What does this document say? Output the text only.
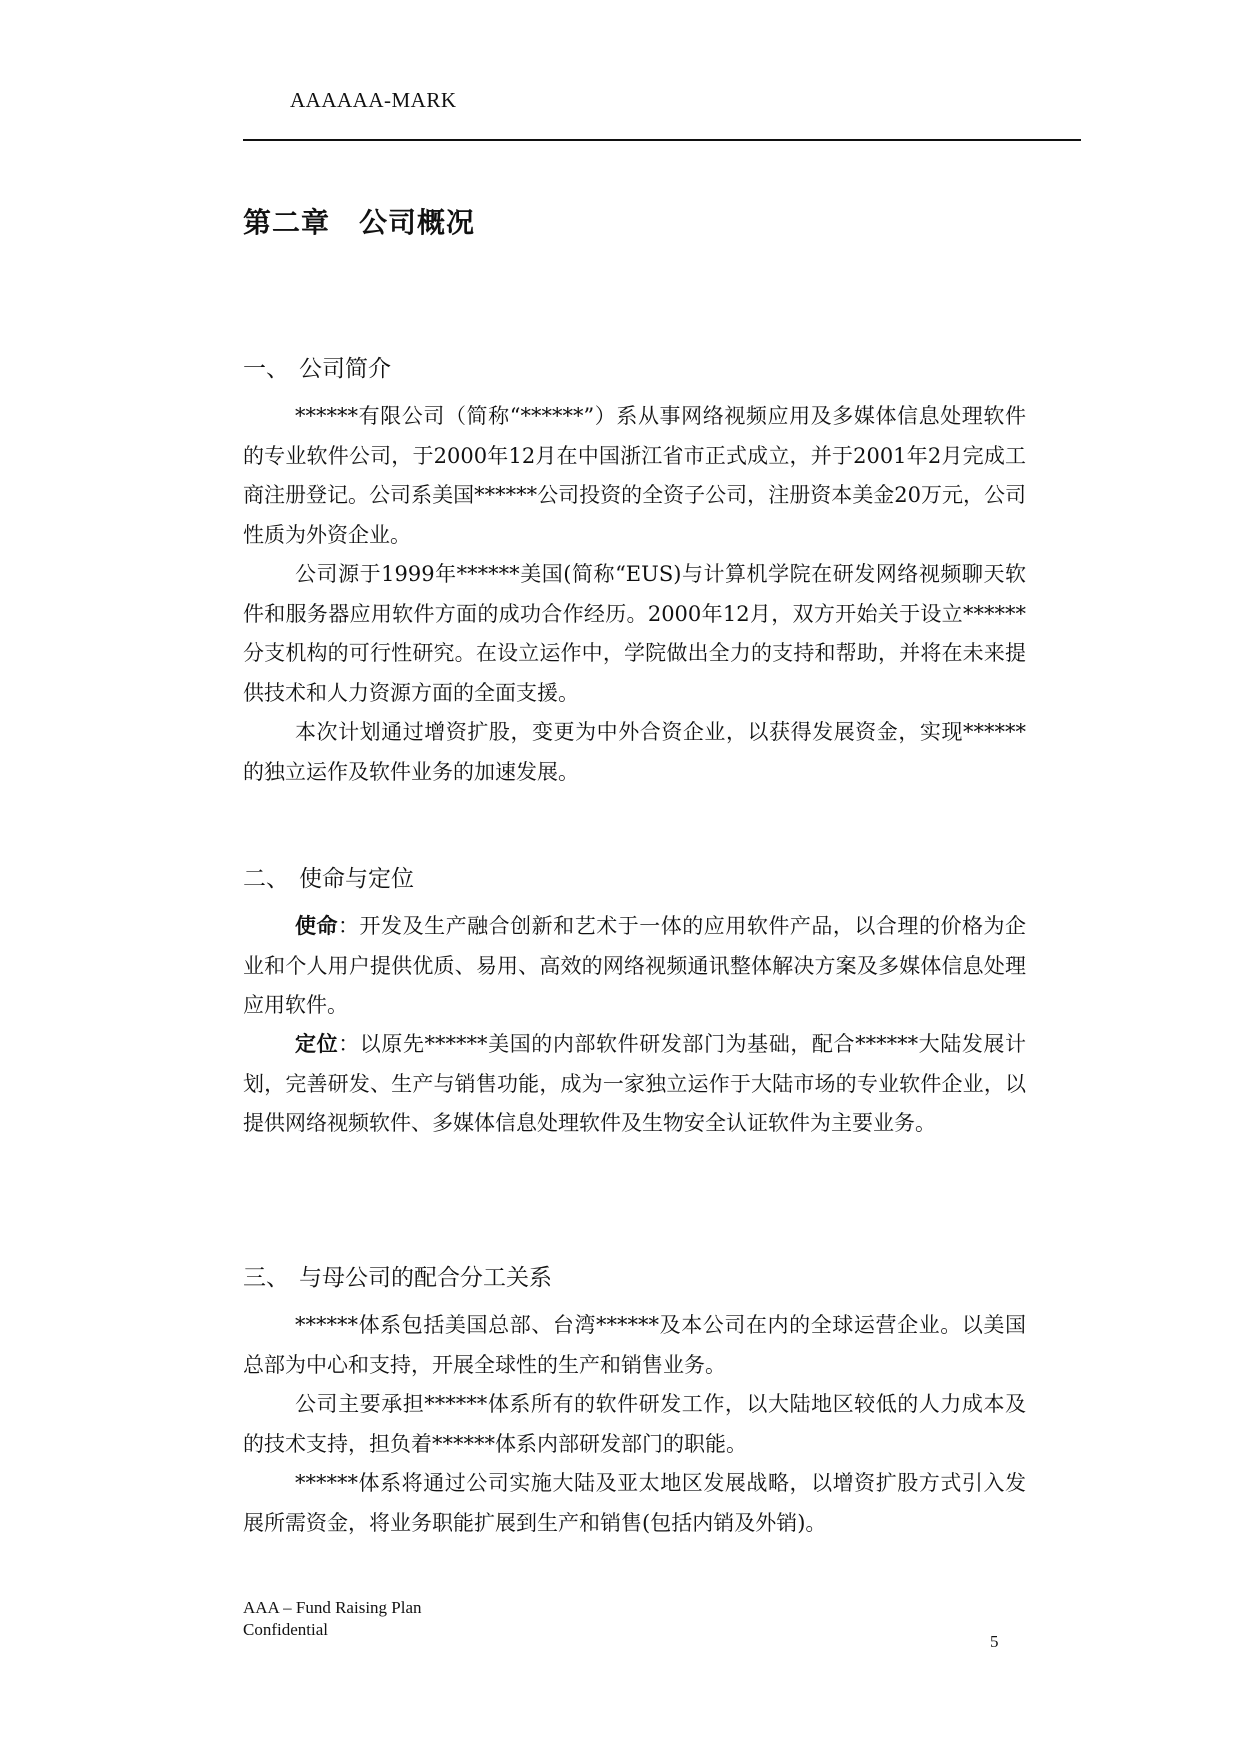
AAAAAA-MARK
第二章　公司概况
一、 公司简介
******有限公司（简称“******”）系从事网络视频应用及多媒体信息处理软件的专业软件公司，于2000年12月在中国浙江省市正式成立，并于2001年2月完成工商注册登记。公司系美国******公司投资的全资子公司，注册资本美金20万元，公司性质为外资企业。
公司源于1999年******美国(简称“EUS)与计算机学院在研发网络视频聊天软件和服务器应用软件方面的成功合作经历。2000年12月，双方开始关于设立******分支机构的可行性研究。在设立运作中，学院做出全力的支持和帮助，并将在未来提供技术和人力资源方面的全面支援。
本次计划通过增资扩股，变更为中外合资企业，以获得发展资金，实现******的独立运作及软件业务的加速发展。
二、 使命与定位
使命：开发及生产融合创新和艺术于一体的应用软件产品，以合理的价格为企业和个人用户提供优质、易用、高效的网络视频通讯整体解决方案及多媒体信息处理应用软件。
定位：以原先******美国的内部软件研发部门为基础，配合******大陆发展计划，完善研发、生产与销售功能，成为一家独立运作于大陆市场的专业软件企业，以提供网络视频软件、多媒体信息处理软件及生物安全认证软件为主要业务。
三、 与母公司的配合分工关系
******体系包括美国总部、台湾******及本公司在内的全球运营企业。以美国总部为中心和支持，开展全球性的生产和销售业务。
公司主要承担******体系所有的软件研发工作，以大陆地区较低的人力成本及的技术支持，担负着******体系内部研发部门的职能。
******体系将通过公司实施大陆及亚太地区发展战略，以增资扩股方式引入发展所需资金，将业务职能扩展到生产和销售(包括内销及外销)。
AAA – Fund Raising Plan
Confidential
5
